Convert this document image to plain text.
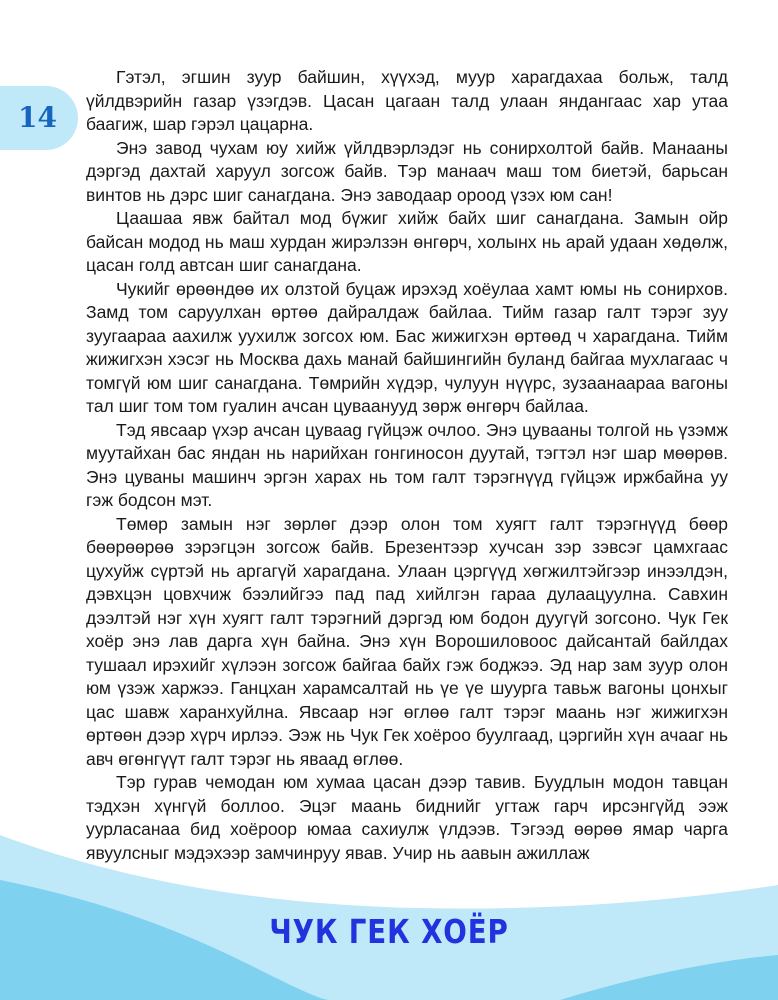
14

Гэтэл, эгшин зуур байшин, хүүхэд, муур харагдахаа больж, талд үйлдвэрийн газар үзэгдэв. Цасан цагаан талд улаан яндангаас хар утаа баагиж, шар гэрэл цацарна.

Энэ завод чухам юу хийж үйлдвэрлэдэг нь сонирхолтой байв. Манааны дэргэд дахтай харуул зогсож байв. Тэр манаач маш том биетэй, барьсан винтов нь дэрс шиг санагдана. Энэ заводаар ороод үзэх юм сан!

Цаашаа явж байтал мод бүжиг хийж байх шиг санагдана. Замын ойр байсан модод нь маш хурдан жирэлзэн өнгөрч, холынх нь арай удаан хөдөлж, цасан голд автсан шиг санагдана.

Чукийг өрөөндөө их олзтой буцаж ирэхэд хоёулаа хамт юмы нь сонирхов. Замд том саруулхан өртөө дайралдаж байлаа. Тийм газар галт тэрэг зуу зуугаараа аахилж уухилж зогсох юм. Бас жижигхэн өртөөд ч харагдана. Тийм жижигхэн хэсэг нь Москва дахь манай байшингийн буланд байгаа мухлагаас ч томгүй юм шиг санагдана. Төмрийн хүдэр, чулуун нүүрс, зузаанаараа вагоны тал шиг том том гуалин ачсан цуваанууд зөрж өнгөрч байлаа.

Тэд явсаар үхэр ачсан цуваag гүйцэж очлоо. Энэ цувааны толгой нь үзэмж муутайхан бас яндан нь нарийхан гонгиносон дуутай, тэгтэл нэг шар мөөрөв. Энэ цуваны машинч эргэн харах нь том галт тэрэгнүүд гүйцэж иржбайна уу гэж бодсон мэт.

Төмөр замын нэг зөрлөг дээр олон том хуягт галт тэрэгнүүд бөөр бөөрөөрөө зэрэгцэн зогсож байв. Брезентээр хучсан зэр зэвсэг цамхгаас цухуйж сүртэй нь аргагүй харагдана. Улаан цэргүүд хөгжилтэйгээр инээлдэн, дэвхцэн цовхчиж бээлийгээ пад пад хийлгэн гараа дулаацуулна. Савхин дээлтэй нэг хүн хуягт галт тэрэгний дэргэд юм бодон дуугүй зогсоно. Чук Гек хоёр энэ лав дарга хүн байна. Энэ хүн Ворошиловоос дайсантай байлдах тушаал ирэхийг хүлээн зогсож байгаа байх гэж бoджээ. Эд нар зам зуур олон юм үзэж харжээ. Ганцхан харамсалтай нь үе үе шуурга тавьж вагоны цонхыг цас шавж харанхуйлна. Явсаар нэг өглөө галт тэрэг маань нэг жижигхэн өртөөн дээр хүрч ирлээ. Ээж нь Чук Гек хоёроо буулгаад, цэргийн хүн ачааг нь авч өгөнгүүт галт тэрэг нь яваад өглөө.

Тэр гурав чемодан юм хумаа цасан дээр тавив. Буудлын модон тавцан тэдхэн хүнгүй боллоо. Эцэг маань биднийг угтаж гарч ирсэнгүйд ээж уурласанаа бид хоёроор юмаа сахиулж үлдээв. Тэгээд өөрөө ямар чарга явуулсныг мэдэхээр замчинруу явав. Учир нь аавын ажиллаж

ЧУК ГЕК ХОЁР
